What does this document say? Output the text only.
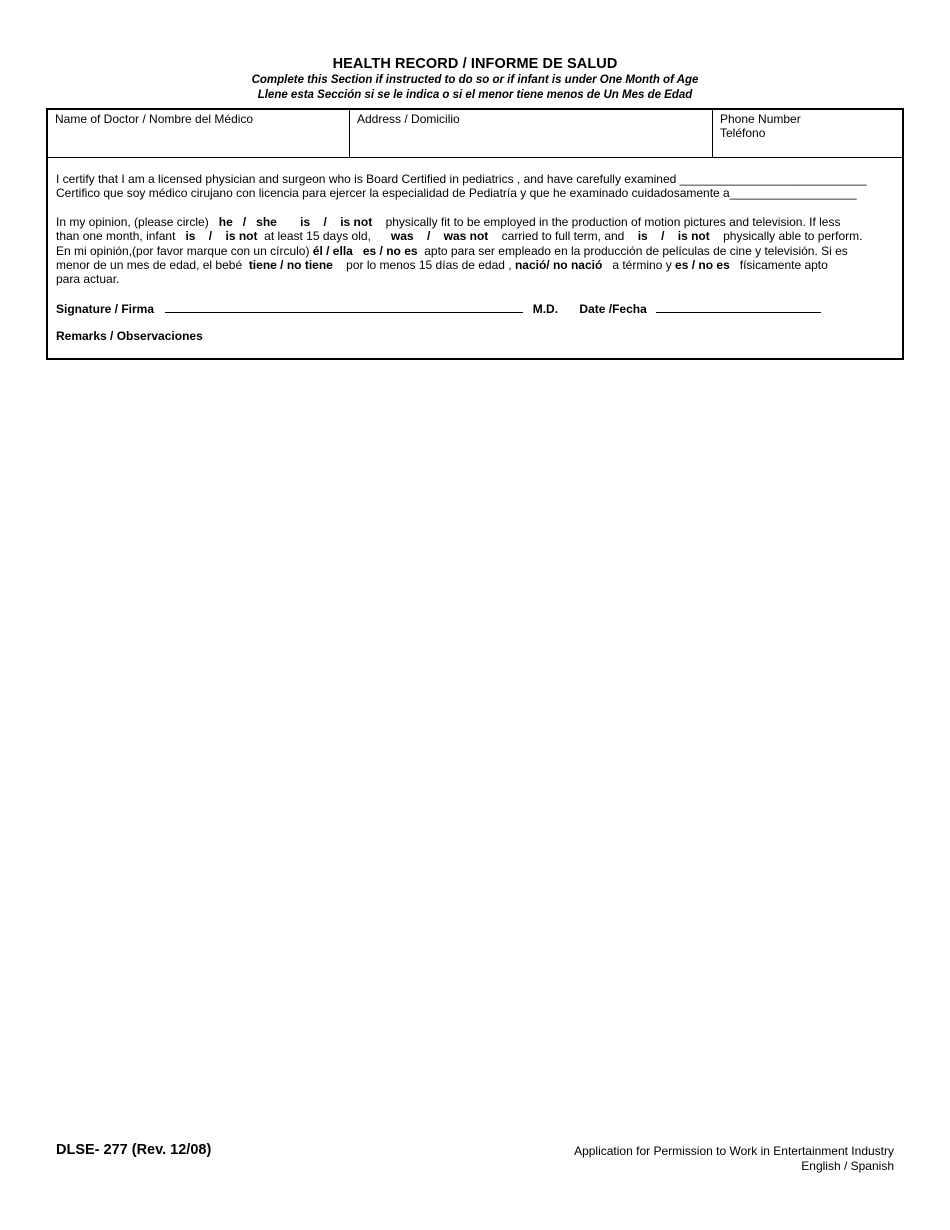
HEALTH RECORD / INFORME DE SALUD
Complete this Section if instructed to do so or if infant is under One Month of Age
Llene esta Sección si se le indica o si el menor tiene menos de Un Mes de Edad
Name of Doctor / Nombre del Médico	Address / Domicilio	Phone Number
Teléfono
I certify that I am a licensed physician and surgeon who is Board Certified in pediatrics , and have carefully examined ____________________________
Certifico que soy médico cirujano con licencia para ejercer la especialidad de Pediatría y que he examinado cuidadosamente a___________________
In my opinion, (please circle) he / she is / is not physically fit to be employed in the production of motion pictures and television. If less
than one month, infant is / is not at least 15 days old, was / was not carried to full term, and is / is not physically able to perform.
En mi opinión,(por favor marque con un círculo) él / ella es / no es apto para ser empleado en la producción de películas de cine y televisión. Si es
menor de un mes de edad, el bebé tiene / no tiene por lo menos 15 días de edad , nació/ no nació a término y es / no es físicamente apto
para actuar.
Signature / Firma	M.D. Date /Fecha
Remarks / Observaciones
DLSE- 277 (Rev. 12/08)	Application for Permission to Work in Entertainment Industry
English / Spanish
